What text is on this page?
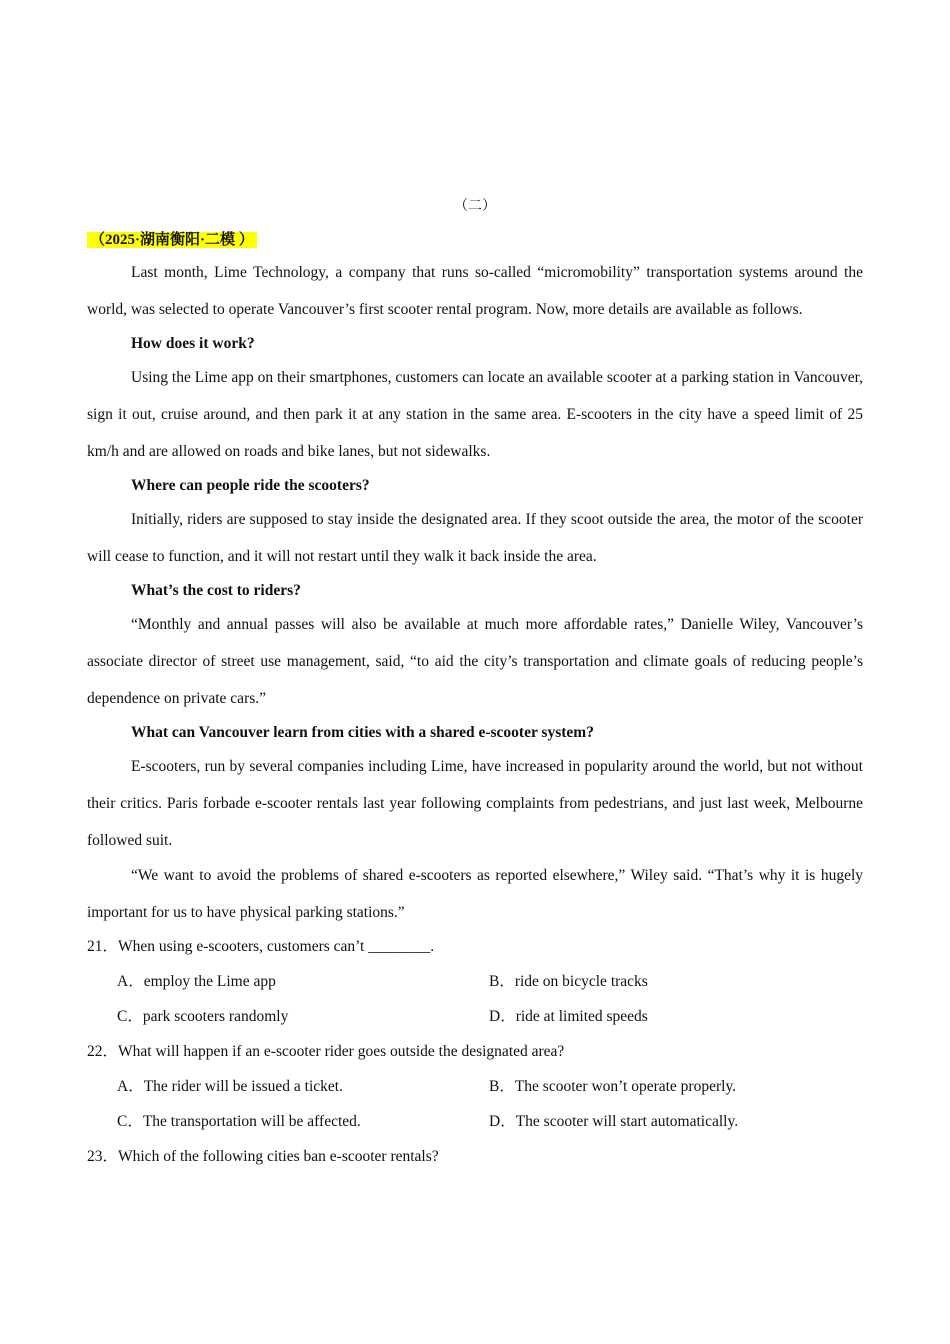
（二）
（2025·湖南衡阳·二模 ）

Last month, Lime Technology, a company that runs so-called “micromobility” transportation systems around the world, was selected to operate Vancouver’s first scooter rental program. Now, more details are available as follows.

How does it work?

Using the Lime app on their smartphones, customers can locate an available scooter at a parking station in Vancouver, sign it out, cruise around, and then park it at any station in the same area. E-scooters in the city have a speed limit of 25 km/h and are allowed on roads and bike lanes, but not sidewalks.

Where can people ride the scooters?

Initially, riders are supposed to stay inside the designated area. If they scoot outside the area, the motor of the scooter will cease to function, and it will not restart until they walk it back inside the area.

What’s the cost to riders?

“Monthly and annual passes will also be available at much more affordable rates,” Danielle Wiley, Vancouver’s associate director of street use management, said, “to aid the city’s transportation and climate goals of reducing people’s dependence on private cars.”

What can Vancouver learn from cities with a shared e-scooter system?

E-scooters, run by several companies including Lime, have increased in popularity around the world, but not without their critics. Paris forbade e-scooter rentals last year following complaints from pedestrians, and just last week, Melbourne followed suit.

“We want to avoid the problems of shared e-scooters as reported elsewhere,” Wiley said. “That’s why it is hugely important for us to have physical parking stations.”

21．When using e-scooters, customers can’t ________.
A．employ the Lime app	B．ride on bicycle tracks
C．park scooters randomly	D．ride at limited speeds
22．What will happen if an e-scooter rider goes outside the designated area?
A．The rider will be issued a ticket.	B．The scooter won’t operate properly.
C．The transportation will be affected.	D．The scooter will start automatically.
23．Which of the following cities ban e-scooter rentals?
